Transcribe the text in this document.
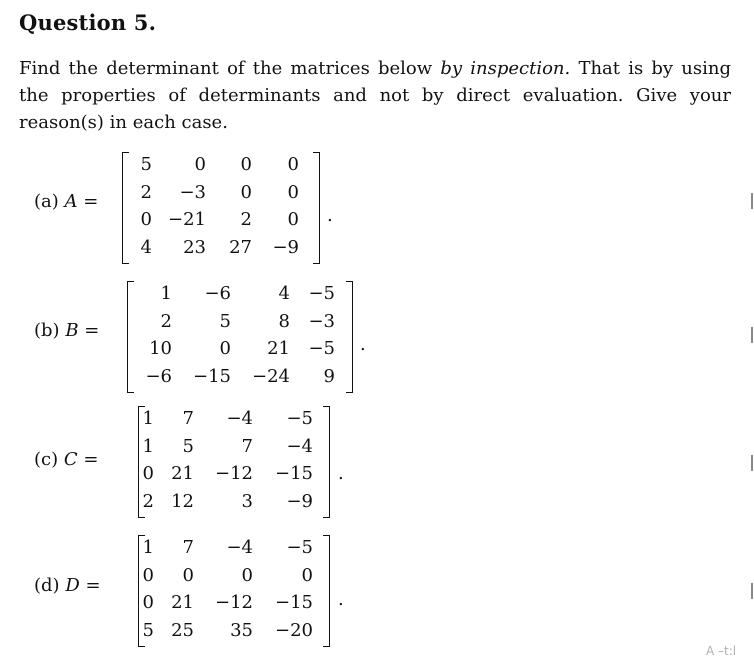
Question 5.
Find the determinant of the matrices below by inspection. That is by using the properties of determinants and not by direct evaluation. Give your reason(s) in each case.
(a) A =
5	0	0	0
2	−3	0	0
0 −21	2	0
4	23	27	−9
.
(b) B =
1	−6	4	−5
2	5	8	−3
10	0	21	−5
−6	−15	−24	9
.
(c) C =
1	7	−4	−5
1	5	7	−4
0 21	−12	−15
2 12	3	−9
.
(d) D =
1	7	−4	−5
0	0	0	0
0 21	−12	−15
5 25	35	−20
.
A –t:l
